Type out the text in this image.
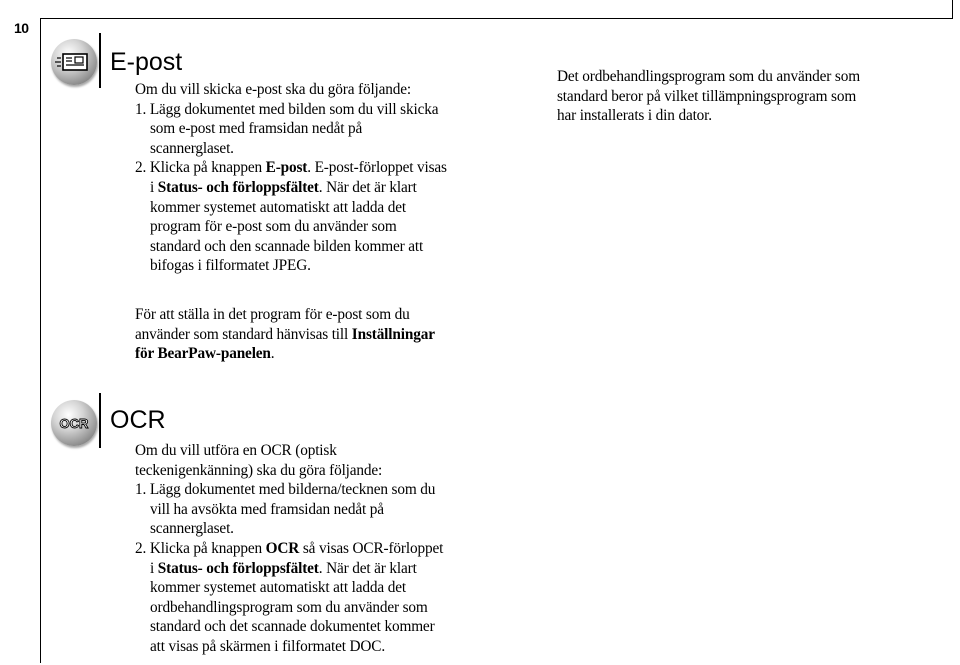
10
E-post

Om du vill skicka e-post ska du göra följande:

1. Lägg dokumentet med bilden som du vill skicka

som e-post med framsidan nedåt på

scannerglaset.

2. Klicka på knappen E-post. E-post-förloppet visas

i Status- och förloppsfältet. När det är klart

kommer systemet automatiskt att ladda det

program för e-post som du använder som

standard och den scannade bilden kommer att

bifogas i filformatet JPEG.

För att ställa in det program för e-post som du

använder som standard hänvisas till Inställningar

för BearPaw-panelen.

Det ordbehandlingsprogram som du använder som

standard beror på vilket tillämpningsprogram som

har installerats i din dator.

OCR OCR

Om du vill utföra en OCR (optisk

teckenigenkänning) ska du göra följande:

1. Lägg dokumentet med bilderna/tecknen som du

vill ha avsökta med framsidan nedåt på

scannerglaset.

2. Klicka på knappen OCR så visas OCR-förloppet

i Status- och förloppsfältet. När det är klart

kommer systemet automatiskt att ladda det

ordbehandlingsprogram som du använder som

standard och det scannade dokumentet kommer

att visas på skärmen i filformatet DOC.
